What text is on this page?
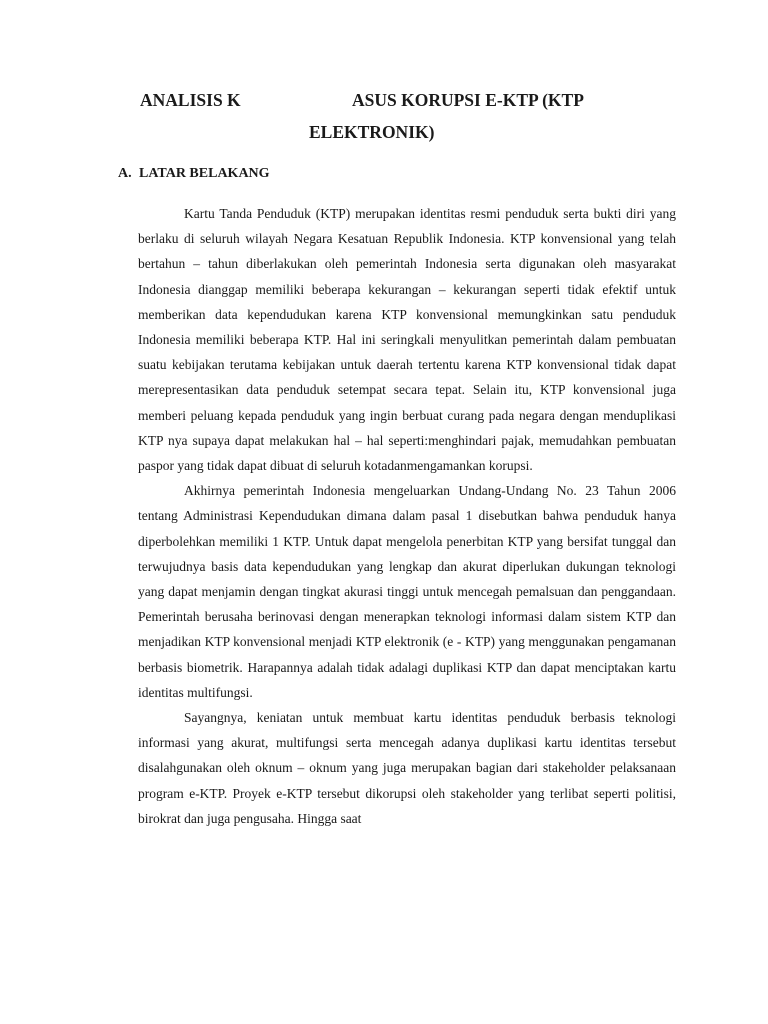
ANALISIS K	ASUS KORUPSI E-KTP (KTP
ELEKTRONIK)
A. LATAR BELAKANG

Kartu Tanda Penduduk (KTP) merupakan identitas resmi penduduk serta bukti diri yang berlaku di seluruh wilayah Negara Kesatuan Republik Indonesia. KTP konvensional yang telah bertahun – tahun diberlakukan oleh pemerintah Indonesia serta digunakan oleh masyarakat Indonesia dianggap memiliki beberapa kekurangan – kekurangan seperti tidak efektif untuk memberikan data kependudukan karena KTP konvensional memungkinkan satu penduduk Indonesia memiliki beberapa KTP. Hal ini seringkali menyulitkan pemerintah dalam pembuatan suatu kebijakan terutama kebijakan untuk daerah tertentu karena KTP konvensional tidak dapat merepresentasikan data penduduk setempat secara tepat. Selain itu, KTP konvensional juga memberi peluang kepada penduduk yang ingin berbuat curang pada negara dengan menduplikasi KTP nya supaya dapat melakukan hal – hal seperti:menghindari pajak, memudahkan pembuatan paspor yang tidak dapat dibuat di seluruh kotadanmengamankan korupsi.

Akhirnya pemerintah Indonesia mengeluarkan Undang-Undang No. 23 Tahun 2006 tentang Administrasi Kependudukan dimana dalam pasal 1 disebutkan bahwa penduduk hanya diperbolehkan memiliki 1 KTP. Untuk dapat mengelola penerbitan KTP yang bersifat tunggal dan terwujudnya basis data kependudukan yang lengkap dan akurat diperlukan dukungan teknologi yang dapat menjamin dengan tingkat akurasi tinggi untuk mencegah pemalsuan dan penggandaan. Pemerintah berusaha berinovasi dengan menerapkan teknologi informasi dalam sistem KTP dan menjadikan KTP konvensional menjadi KTP elektronik (e - KTP) yang menggunakan pengamanan berbasis biometrik. Harapannya adalah tidak adalagi duplikasi KTP dan dapat menciptakan kartu identitas multifungsi.

Sayangnya, keniatan untuk membuat kartu identitas penduduk berbasis teknologi informasi yang akurat, multifungsi serta mencegah adanya duplikasi kartu identitas tersebut disalahgunakan oleh oknum – oknum yang juga merupakan bagian dari stakeholder pelaksanaan program e-KTP. Proyek e-KTP tersebut dikorupsi oleh stakeholder yang terlibat seperti politisi, birokrat dan juga pengusaha. Hingga saat
